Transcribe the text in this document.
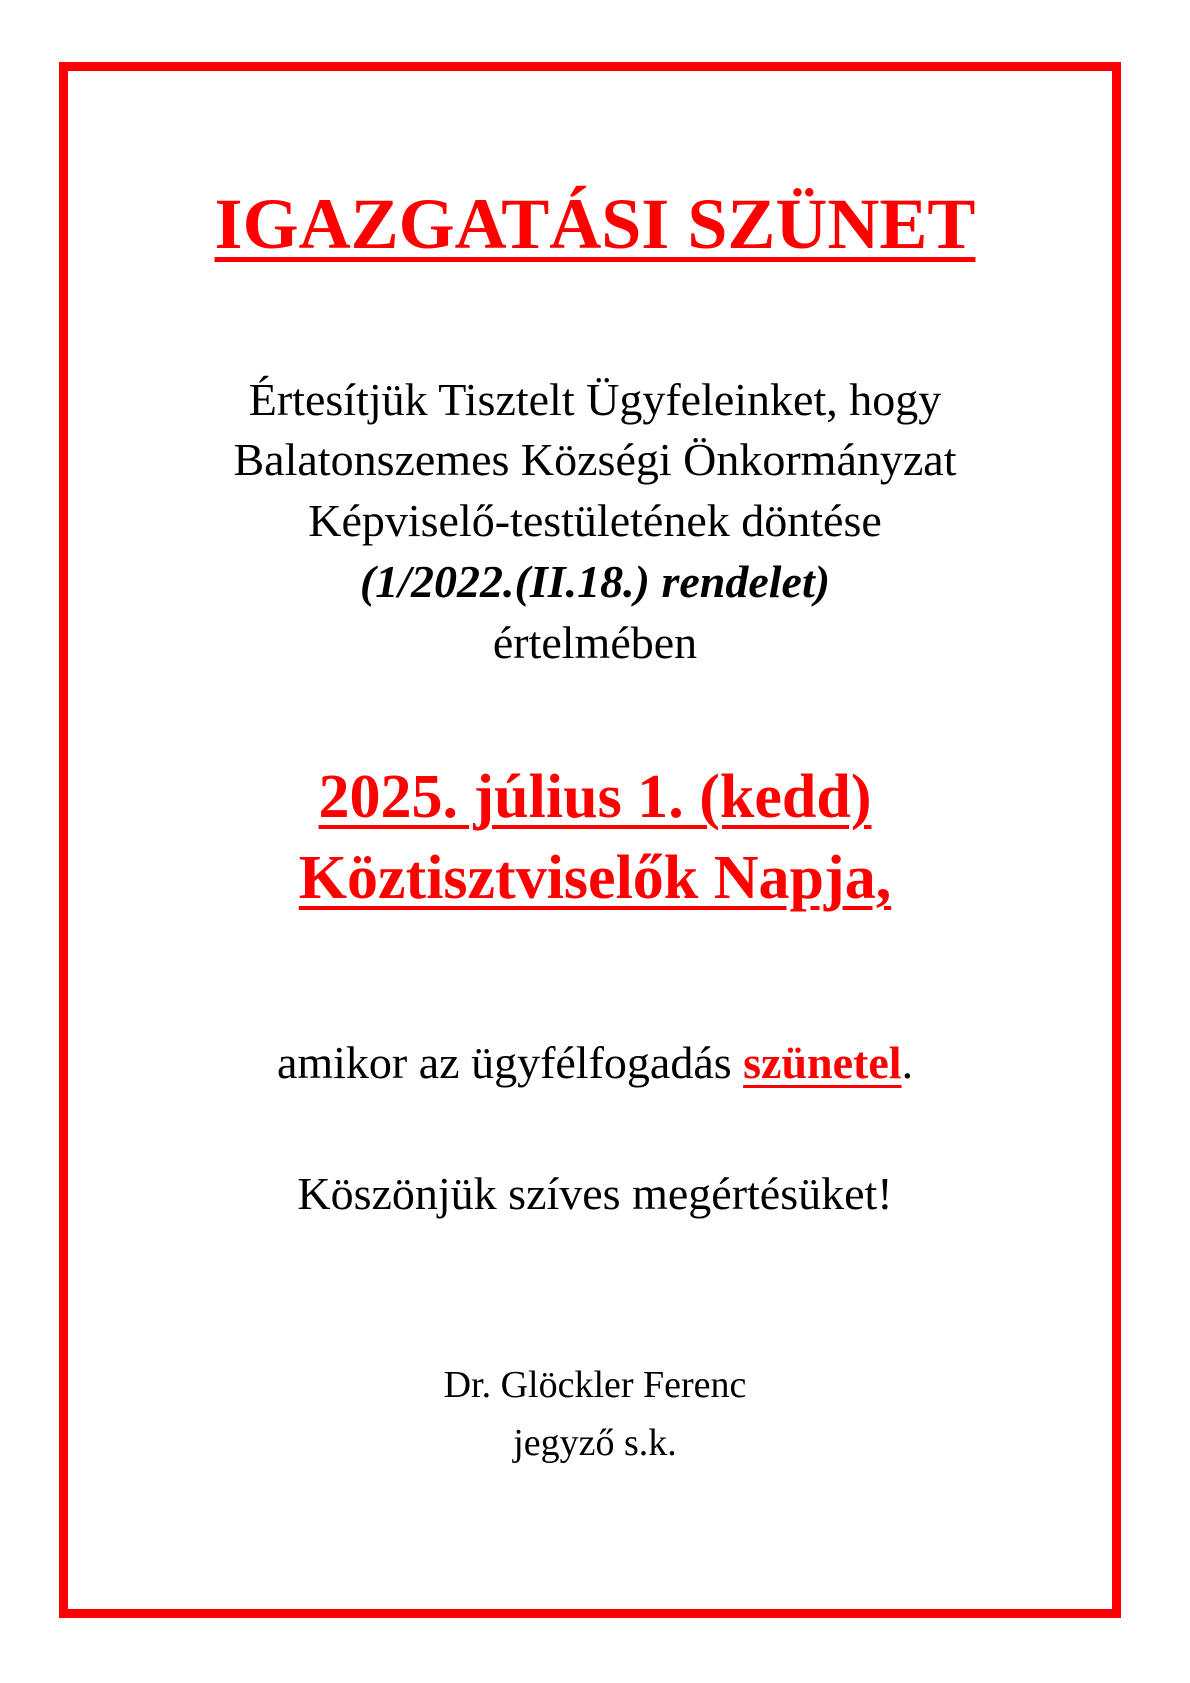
IGAZGATÁSI SZÜNET

Értesítjük Tisztelt Ügyfeleinket, hogy

Balatonszemes Községi Önkormányzat

Képviselő-testületének döntése

(1/2022.(II.18.) rendelet)

értelmében

2025. július 1. (kedd)

Köztisztviselők Napja,

amikor az ügyfélfogadás szünetel.

Köszönjük szíves megértésüket!

Dr. Glöckler Ferenc

jegyző s.k.
